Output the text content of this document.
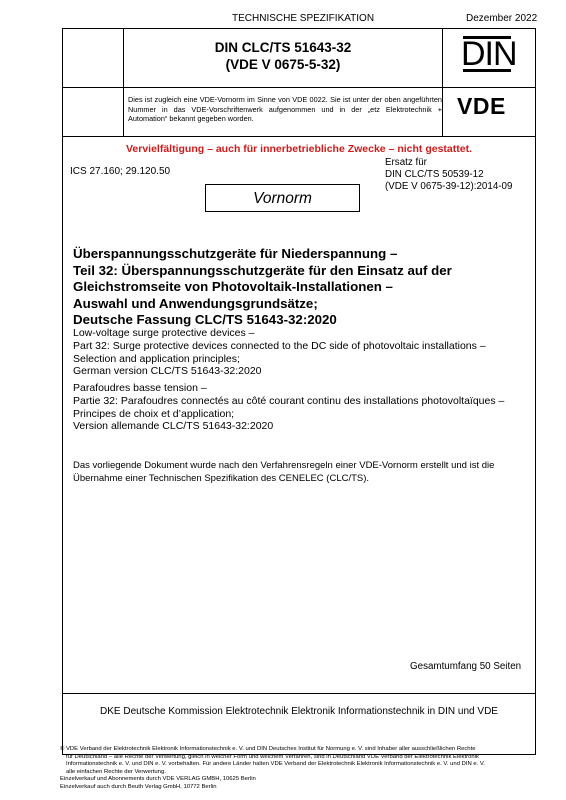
TECHNISCHE SPEZIFIKATION	Dezember 2022
DIN CLC/TS 51643-32
(VDE V 0675-5-32)	DIN
Dies ist zugleich eine VDE-Vornorm im Sinne von VDE 0022. Sie ist unter der oben angeführten Nummer in das VDE-Vorschriftenwerk aufgenommen und in der „etz Elektrotechnik + Automation“ bekannt gegeben worden.	VDE
Vervielfältigung – auch für innerbetriebliche Zwecke – nicht gestattet.
ICS 27.160; 29.120.50
Ersatz für
DIN CLC/TS 50539-12
(VDE V 0675-39-12):2014-09
Vornorm
Überspannungsschutzgeräte für Niederspannung –
Teil 32: Überspannungsschutzgeräte für den Einsatz auf der
Gleichstromseite von Photovoltaik-Installationen –
Auswahl und Anwendungsgrundsätze;
Deutsche Fassung CLC/TS 51643-32:2020
Low-voltage surge protective devices –
Part 32: Surge protective devices connected to the DC side of photovoltaic installations –
Selection and application principles;
German version CLC/TS 51643-32:2020
Parafoudres basse tension –
Partie 32: Parafoudres connectés au côté courant continu des installations photovoltaïques –
Principes de choix et d’application;
Version allemande CLC/TS 51643-32:2020
Das vorliegende Dokument wurde nach den Verfahrensregeln einer VDE-Vornorm erstellt und ist die Übernahme einer Technischen Spezifikation des CENELEC (CLC/TS).
Gesamtumfang 50 Seiten
DKE Deutsche Kommission Elektrotechnik Elektronik Informationstechnik in DIN und VDE
© VDE Verband der Elektrotechnik Elektronik Informationstechnik e. V. und DIN Deutsches Institut für Normung e. V. sind Inhaber aller ausschließlichen Rechte
für Deutschland – alle Rechte der Verwertung, gleich in welcher Form und welchem Verfahren, sind in Deutschland VDE Verband der Elektrotechnik Elektronik
Informationstechnik e. V. und DIN e. V. vorbehalten. Für andere Länder halten VDE Verband der Elektrotechnik Elektronik Informationstechnik e. V. und DIN e. V.
alle einfachen Rechte der Verwertung.
Einzelverkauf und Abonnements durch VDE VERLAG GMBH, 10625 Berlin
Einzelverkauf auch durch Beuth Verlag GmbH, 10772 Berlin
